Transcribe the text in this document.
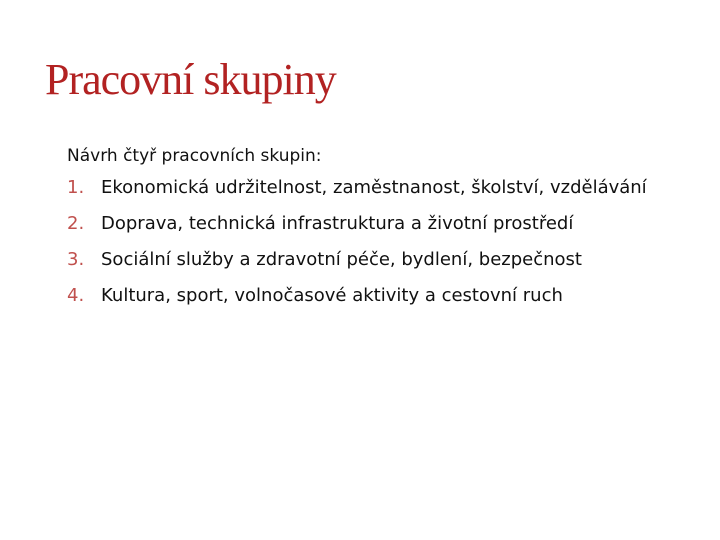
Pracovní skupiny

Návrh čtyř pracovních skupin:

1. Ekonomická udržitelnost, zaměstnanost, školství, vzdělávání
2. Doprava, technická infrastruktura a životní prostředí
3. Sociální služby a zdravotní péče, bydlení, bezpečnost
4. Kultura, sport, volnočasové aktivity a cestovní ruch
